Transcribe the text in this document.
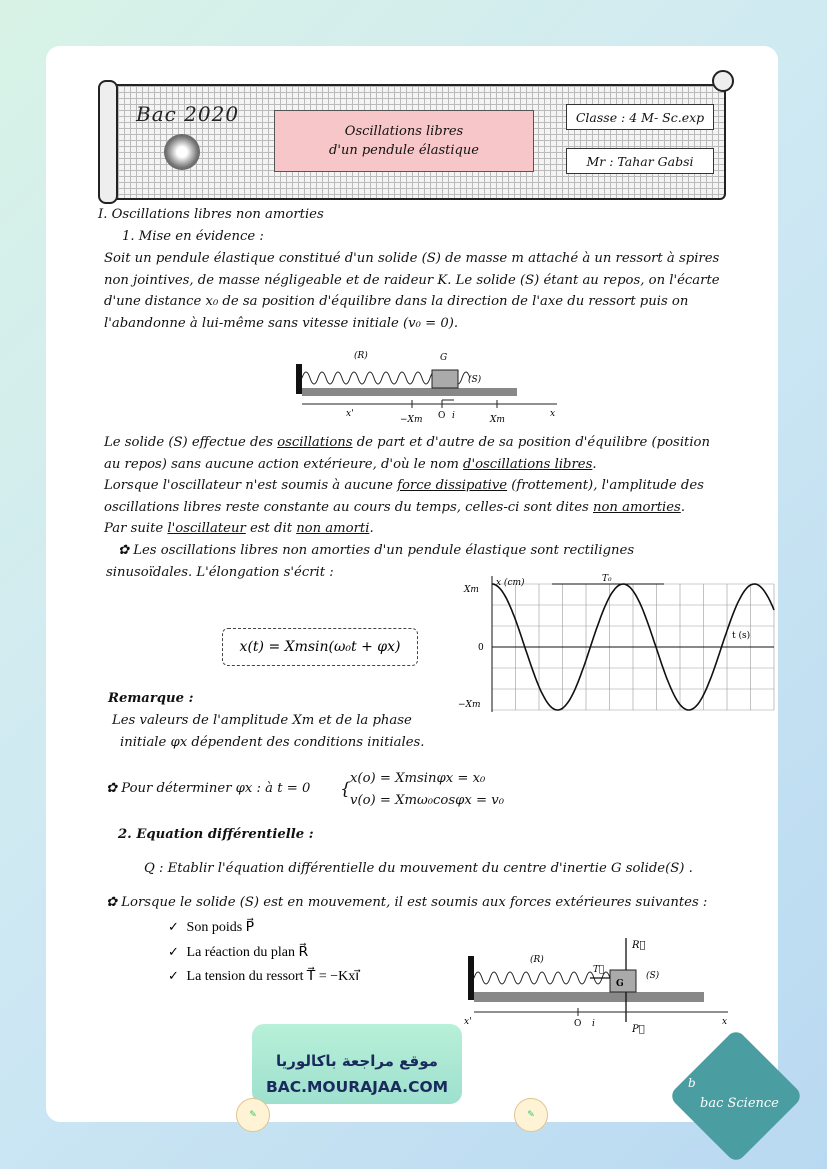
Bac 2020
Oscillations libres
d'un pendule élastique
Classe : 4 M- Sc.exp
Mr : Tahar Gabsi
I. Oscillations libres non amorties
1. Mise en évidence :
Soit un pendule élastique constitué d'un solide (S) de masse m attaché à un ressort à spires
non jointives, de masse négligeable et de raideur K. Le solide (S) étant au repos, on l'écarte
d'une distance x₀ de sa position d'équilibre dans la direction de l'axe du ressort puis on
l'abandonne à lui-même sans vitesse initiale (v₀ = 0).
(R)	G
(S)
x'
−Xm O i	Xm
x
Le solide (S) effectue des oscillations de part et d'autre de sa position d'équilibre (position
au repos) sans aucune action extérieure, d'où le nom d'oscillations libres.
Lorsque l'oscillateur n'est soumis à aucune force dissipative (frottement), l'amplitude des
oscillations libres reste constante au cours du temps, celles-ci sont dites non amorties.
Par suite l'oscillateur est dit non amorti.
✿ Les oscillations libres non amorties d'un pendule élastique sont rectilignes
sinusoïdales. L'élongation s'écrit :
x(t) = Xmsin(ω₀t + φx)
x (cm)
t (s)
Xm
0
−Xm
T₀
Remarque :
Les valeurs de l'amplitude Xm et de la phase
initiale φx dépendent des conditions initiales.
✿ Pour déterminer φx : à t = 0 {
x(o) = Xmsinφx = x₀
v(o) = Xmω₀cosφx = v₀
2. Equation différentielle :
Q : Etablir l'équation différentielle du mouvement du centre d'inertie G solide(S) .
✿ Lorsque le solide (S) est en mouvement, il est soumis aux forces extérieures suivantes :
✓  Son poids P⃗
✓  La réaction du plan R⃗
✓  La tension du ressort T⃗ = −Kxi⃗
(R)
T⃗
(S)
R⃗
P⃗
G
x'	O i	x
✎	✎
موقع مراجعة باكالوريا
BAC.MOURAJAA.COM	b
bac Science
